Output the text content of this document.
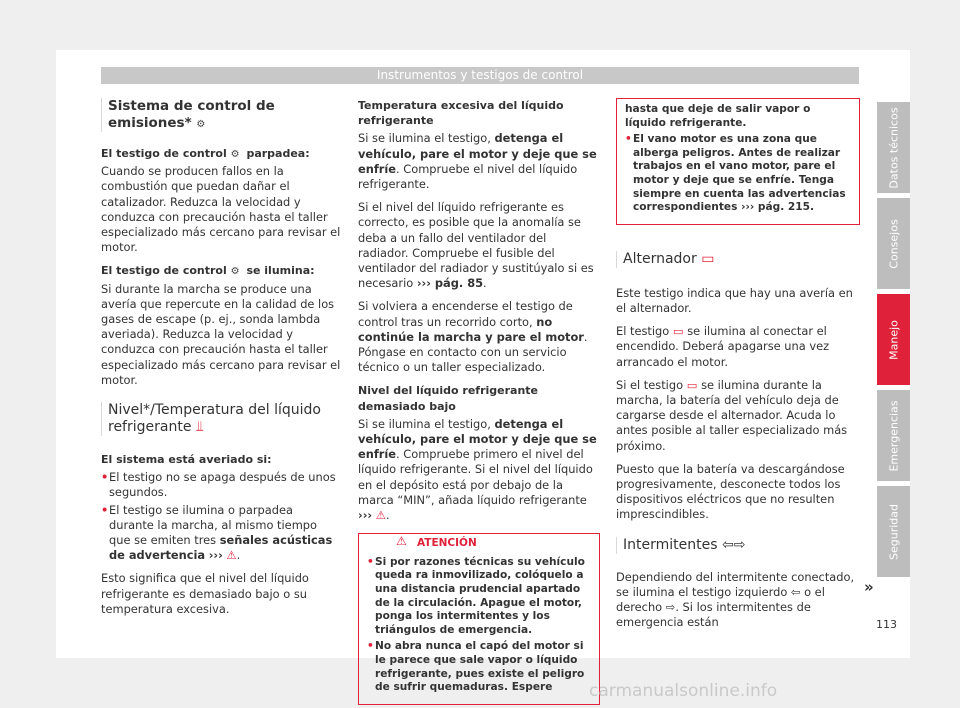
Instrumentos y testigos de control
Sistema de control de emisiones* ⚙

El testigo de control ⚙ parpadea:

Cuando se producen fallos en la combustión que puedan dañar el catalizador. Reduzca la velocidad y conduzca con precaución hasta el taller especializado más cercano para revisar el motor.

El testigo de control ⚙ se ilumina:

Si durante la marcha se produce una avería que repercute en la calidad de los gases de escape (p. ej., sonda lambda averiada). Reduzca la velocidad y conduzca con precaución hasta el taller especializado más cercano para revisar el motor.

Nivel*/Temperatura del líquido refrigerante ⫫

El sistema está averiado si:

• El testigo no se apaga después de unos segundos.
• El testigo se ilumina o parpadea durante la marcha, al mismo tiempo que se emiten tres señales acústicas de advertencia ››› ⚠.

Esto significa que el nivel del líquido refrigerante es demasiado bajo o su temperatura excesiva.

Temperatura excesiva del líquido refrigerante

Si se ilumina el testigo, detenga el vehículo, pare el motor y deje que se enfríe. Compruebe el nivel del líquido refrigerante.

Si el nivel del líquido refrigerante es correcto, es posible que la anomalía se deba a un fallo del ventilador del radiador. Compruebe el fusible del ventilador del radiador y sustitúyalo si es necesario ››› pág. 85.

Si volviera a encenderse el testigo de control tras un recorrido corto, no continúe la marcha y pare el motor. Póngase en contacto con un servicio técnico o un taller especializado.

Nivel del líquido refrigerante demasiado bajo

Si se ilumina el testigo, detenga el vehículo, pare el motor y deje que se enfríe. Compruebe primero el nivel del líquido refrigerante. Si el nivel del líquido en el depósito está por debajo de la marca “MIN”, añada líquido refrigerante ››› ⚠.

⚠ ATENCIÓN
• Si por razones técnicas su vehículo queda ra inmovilizado, colóquelo a una distancia prudencial apartado de la circulación. Apague el motor, ponga los intermitentes y los triángulos de emergencia.
• No abra nunca el capó del motor si le parece que sale vapor o líquido refrigerante, pues existe el peligro de sufrir quemaduras. Espere
hasta que deje de salir vapor o líquido refrigerante.
• El vano motor es una zona que alberga peligros. Antes de realizar trabajos en el vano motor, pare el motor y deje que se enfríe. Tenga siempre en cuenta las advertencias correspondientes ››› pág. 215.
Alternador ▭

Este testigo indica que hay una avería en el alternador.

El testigo ▭ se ilumina al conectar el encendido. Deberá apagarse una vez arrancado el motor.

Si el testigo ▭ se ilumina durante la marcha, la batería del vehículo deja de cargarse desde el alternador. Acuda lo antes posible al taller especializado más próximo.

Puesto que la batería va descargándose progresivamente, desconecte todos los dispositivos eléctricos que no resulten imprescindibles.

Intermitentes ⇦⇨

Dependiendo del intermitente conectado, se ilumina el testigo izquierdo ⇦ o el derecho ⇨. Si los intermitentes de emergencia están

»
Datos técnicos
Consejos
Manejo
Emergencias
Seguridad
113
carmanualsonline.info
